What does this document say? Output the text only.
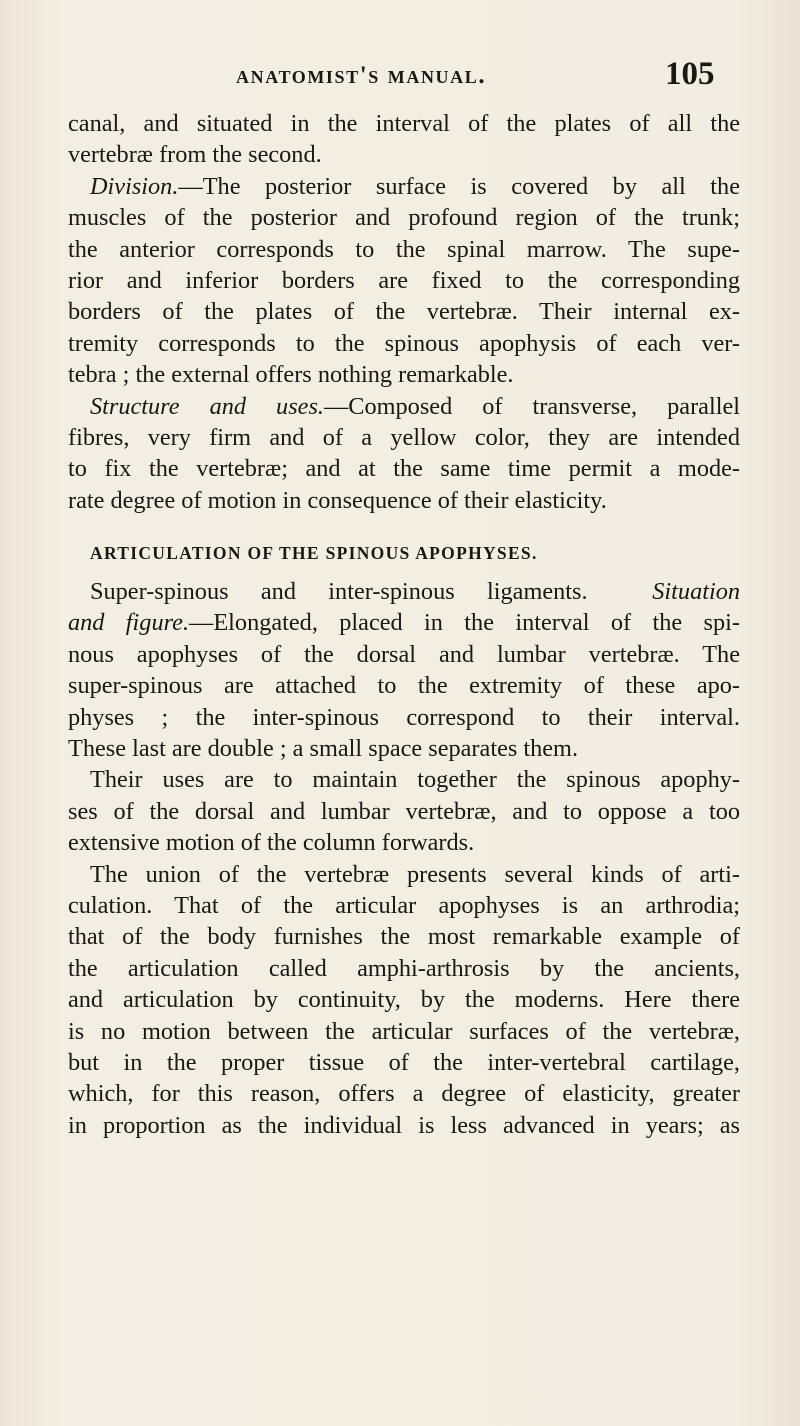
anatomist's manual.	105
canal, and situated in the interval of the plates of all the
vertebræ from the second.
Division.—The posterior surface is covered by all the
muscles of the posterior and profound region of the trunk;
the anterior corresponds to the spinal marrow. The supe-
rior and inferior borders are fixed to the corresponding
borders of the plates of the vertebræ. Their internal ex-
tremity corresponds to the spinous apophysis of each ver-
tebra ; the external offers nothing remarkable.
Structure and uses.—Composed of transverse, parallel
fibres, very firm and of a yellow color, they are intended
to fix the vertebræ; and at the same time permit a mode-
rate degree of motion in consequence of their elasticity.
ARTICULATION OF THE SPINOUS APOPHYSES.
Super-spinous and inter-spinous ligaments.	Situation
and figure.—Elongated, placed in the interval of the spi-
nous apophyses of the dorsal and lumbar vertebræ. The
super-spinous are attached to the extremity of these apo-
physes ; the inter-spinous correspond to their interval.
These last are double ; a small space separates them.
Their uses are to maintain together the spinous apophy-
ses of the dorsal and lumbar vertebræ, and to oppose a too
extensive motion of the column forwards.
The union of the vertebræ presents several kinds of arti-
culation. That of the articular apophyses is an arthrodia;
that of the body furnishes the most remarkable example of
the articulation called amphi-arthrosis by the ancients,
and articulation by continuity, by the moderns. Here there
is no motion between the articular surfaces of the vertebræ,
but in the proper tissue of the inter-vertebral cartilage,
which, for this reason, offers a degree of elasticity, greater
in proportion as the individual is less advanced in years; as
